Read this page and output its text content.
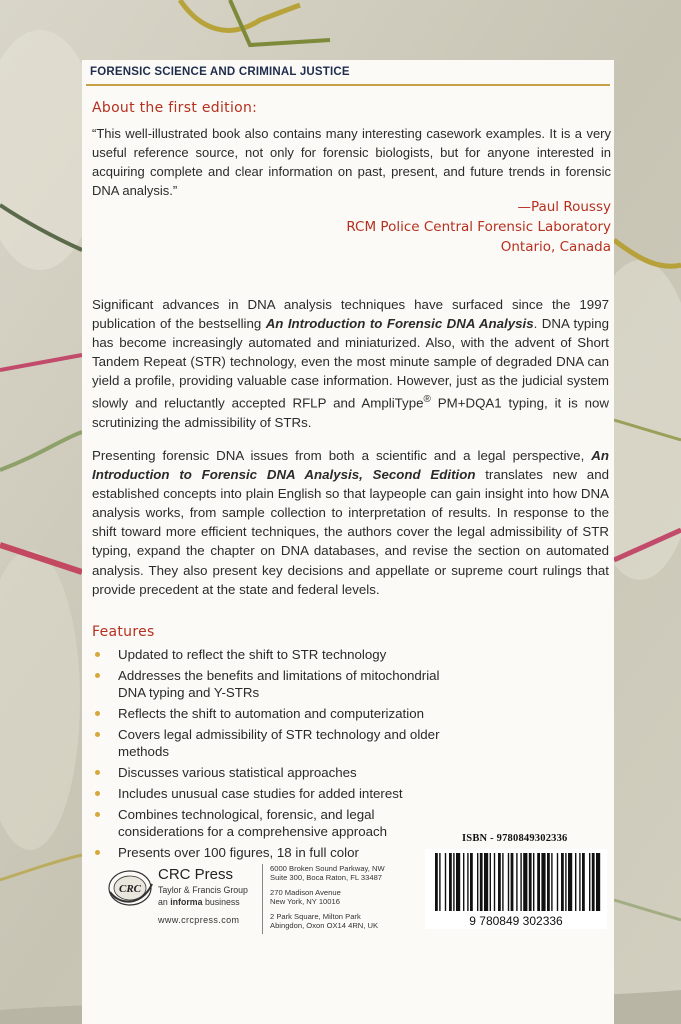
FORENSIC SCIENCE AND CRIMINAL JUSTICE
About the first edition:
“This well-illustrated book also contains many interesting casework examples. It is a very useful reference source, not only for forensic biologists, but for anyone interested in acquiring complete and clear information on past, present, and future trends in forensic DNA analysis.”
—Paul Roussy
RCM Police Central Forensic Laboratory
Ontario, Canada
Significant advances in DNA analysis techniques have surfaced since the 1997 publication of the bestselling An Introduction to Forensic DNA Analysis. DNA typing has become increasingly automated and miniaturized. Also, with the advent of Short Tandem Repeat (STR) technology, even the most minute sample of degraded DNA can yield a profile, providing valuable case information. However, just as the judicial system slowly and reluctantly accepted RFLP and AmpliType® PM+DQA1 typing, it is now scrutinizing the admissibility of STRs.
Presenting forensic DNA issues from both a scientific and a legal perspective, An Introduction to Forensic DNA Analysis, Second Edition translates new and established concepts into plain English so that laypeople can gain insight into how DNA analysis works, from sample collection to interpretation of results. In response to the shift toward more efficient techniques, the authors cover the legal admissibility of STR typing, expand the chapter on DNA databases, and revise the section on automated analysis. They also present key decisions and appellate or supreme court rulings that provide precedent at the state and federal levels.
Features
Updated to reflect the shift to STR technology
Addresses the benefits and limitations of mitochondrial DNA typing and Y-STRs
Reflects the shift to automation and computerization
Covers legal admissibility of STR technology and older methods
Discusses various statistical approaches
Includes unusual case studies for added interest
Combines technological, forensic, and legal considerations for a comprehensive approach
Presents over 100 figures, 18 in full color
ISBN - 9780849302336
9 780849 302336
CRC
CRC Press
Taylor & Francis Group
an informa business
www.crcpress.com
6000 Broken Sound Parkway, NW
Suite 300, Boca Raton, FL 33487
270 Madison Avenue
New York, NY 10016
2 Park Square, Milton Park
Abingdon, Oxon OX14 4RN, UK
